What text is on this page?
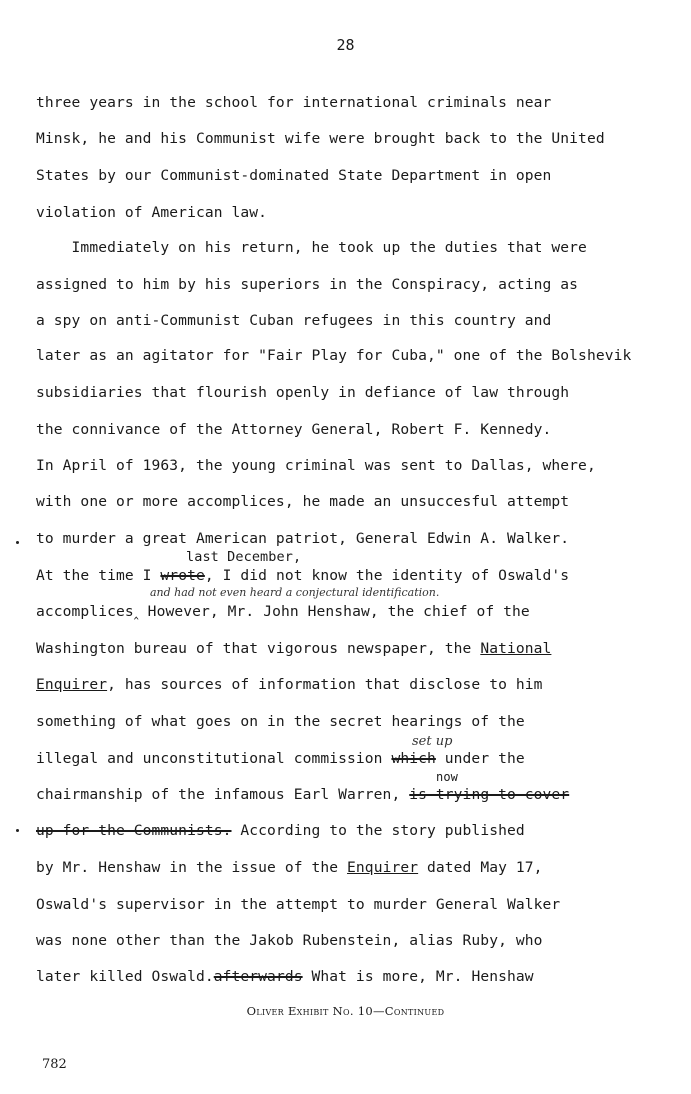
28
three years in the school for international criminals near
Minsk, he and his Communist wife were brought back to the United
States by our Communist-dominated State Department in open
violation of American law.
Immediately on his return, he took up the duties that were
assigned to him by his superiors in the Conspiracy, acting as
a spy on anti-Communist Cuban refugees in this country and
later as an agitator for "Fair Play for Cuba," one of the Bolshevik
subsidiaries that flourish openly in defiance of law through
the connivance of the Attorney General, Robert F. Kennedy.
In April of 1963, the young criminal was sent to Dallas, where,
with one or more accomplices, he made an unsuccesful attempt
to murder a great American patriot, General Edwin A. Walker.
last December,
At the time I wrote, I did not know the identity of Oswald's
and had not even heard a conjectural identification.
accomplices‸ However, Mr. John Henshaw, the chief of the
Washington bureau of that vigorous newspaper, the National
Enquirer, has sources of information that disclose to him
something of what goes on in the secret hearings of the
set up
illegal and unconstitutional commission which under the
now
chairmanship of the infamous Earl Warren, is trying to cover
up for the Communists. According to the story published
by Mr. Henshaw in the issue of the Enquirer dated May 17,
Oswald's supervisor in the attempt to murder General Walker
was none other than the Jakob Rubenstein, alias Ruby, who
later killed Oswald.afterwards What is more, Mr. Henshaw
Oliver Exhibit No. 10—Continued
782
